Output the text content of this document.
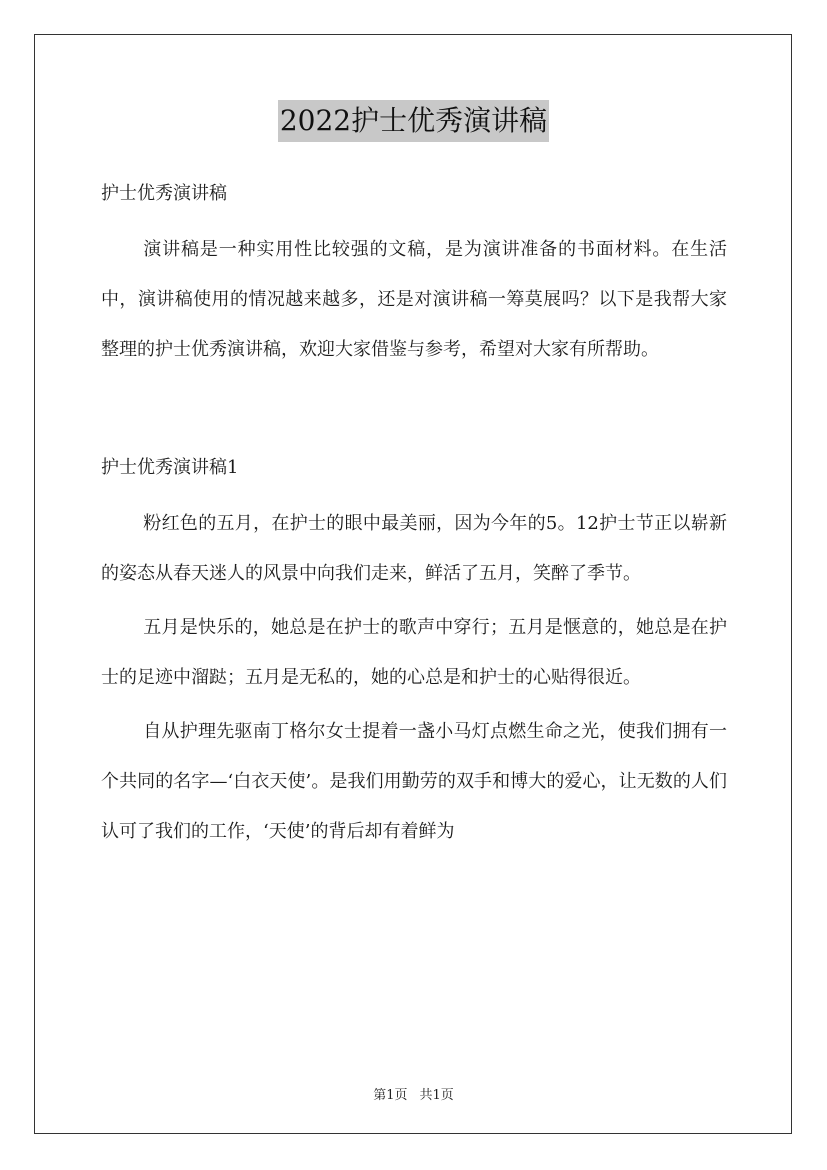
2022护士优秀演讲稿

护士优秀演讲稿

演讲稿是一种实用性比较强的文稿，是为演讲准备的书面材料。在生活中，演讲稿使用的情况越来越多，还是对演讲稿一筹莫展吗？以下是我帮大家整理的护士优秀演讲稿，欢迎大家借鉴与参考，希望对大家有所帮助。

护士优秀演讲稿1

粉红色的五月，在护士的眼中最美丽，因为今年的5。12护士节正以崭新的姿态从春天迷人的风景中向我们走来，鲜活了五月，笑醉了季节。

五月是快乐的，她总是在护士的歌声中穿行；五月是惬意的，她总是在护士的足迹中溜跶；五月是无私的，她的心总是和护士的心贴得很近。

自从护理先驱南丁格尔女士提着一盏小马灯点燃生命之光，使我们拥有一个共同的名字—‘白衣天使’。是我们用勤劳的双手和博大的爱心，让无数的人们认可了我们的工作，‘天使’的背后却有着鲜为

第1页 共1页
